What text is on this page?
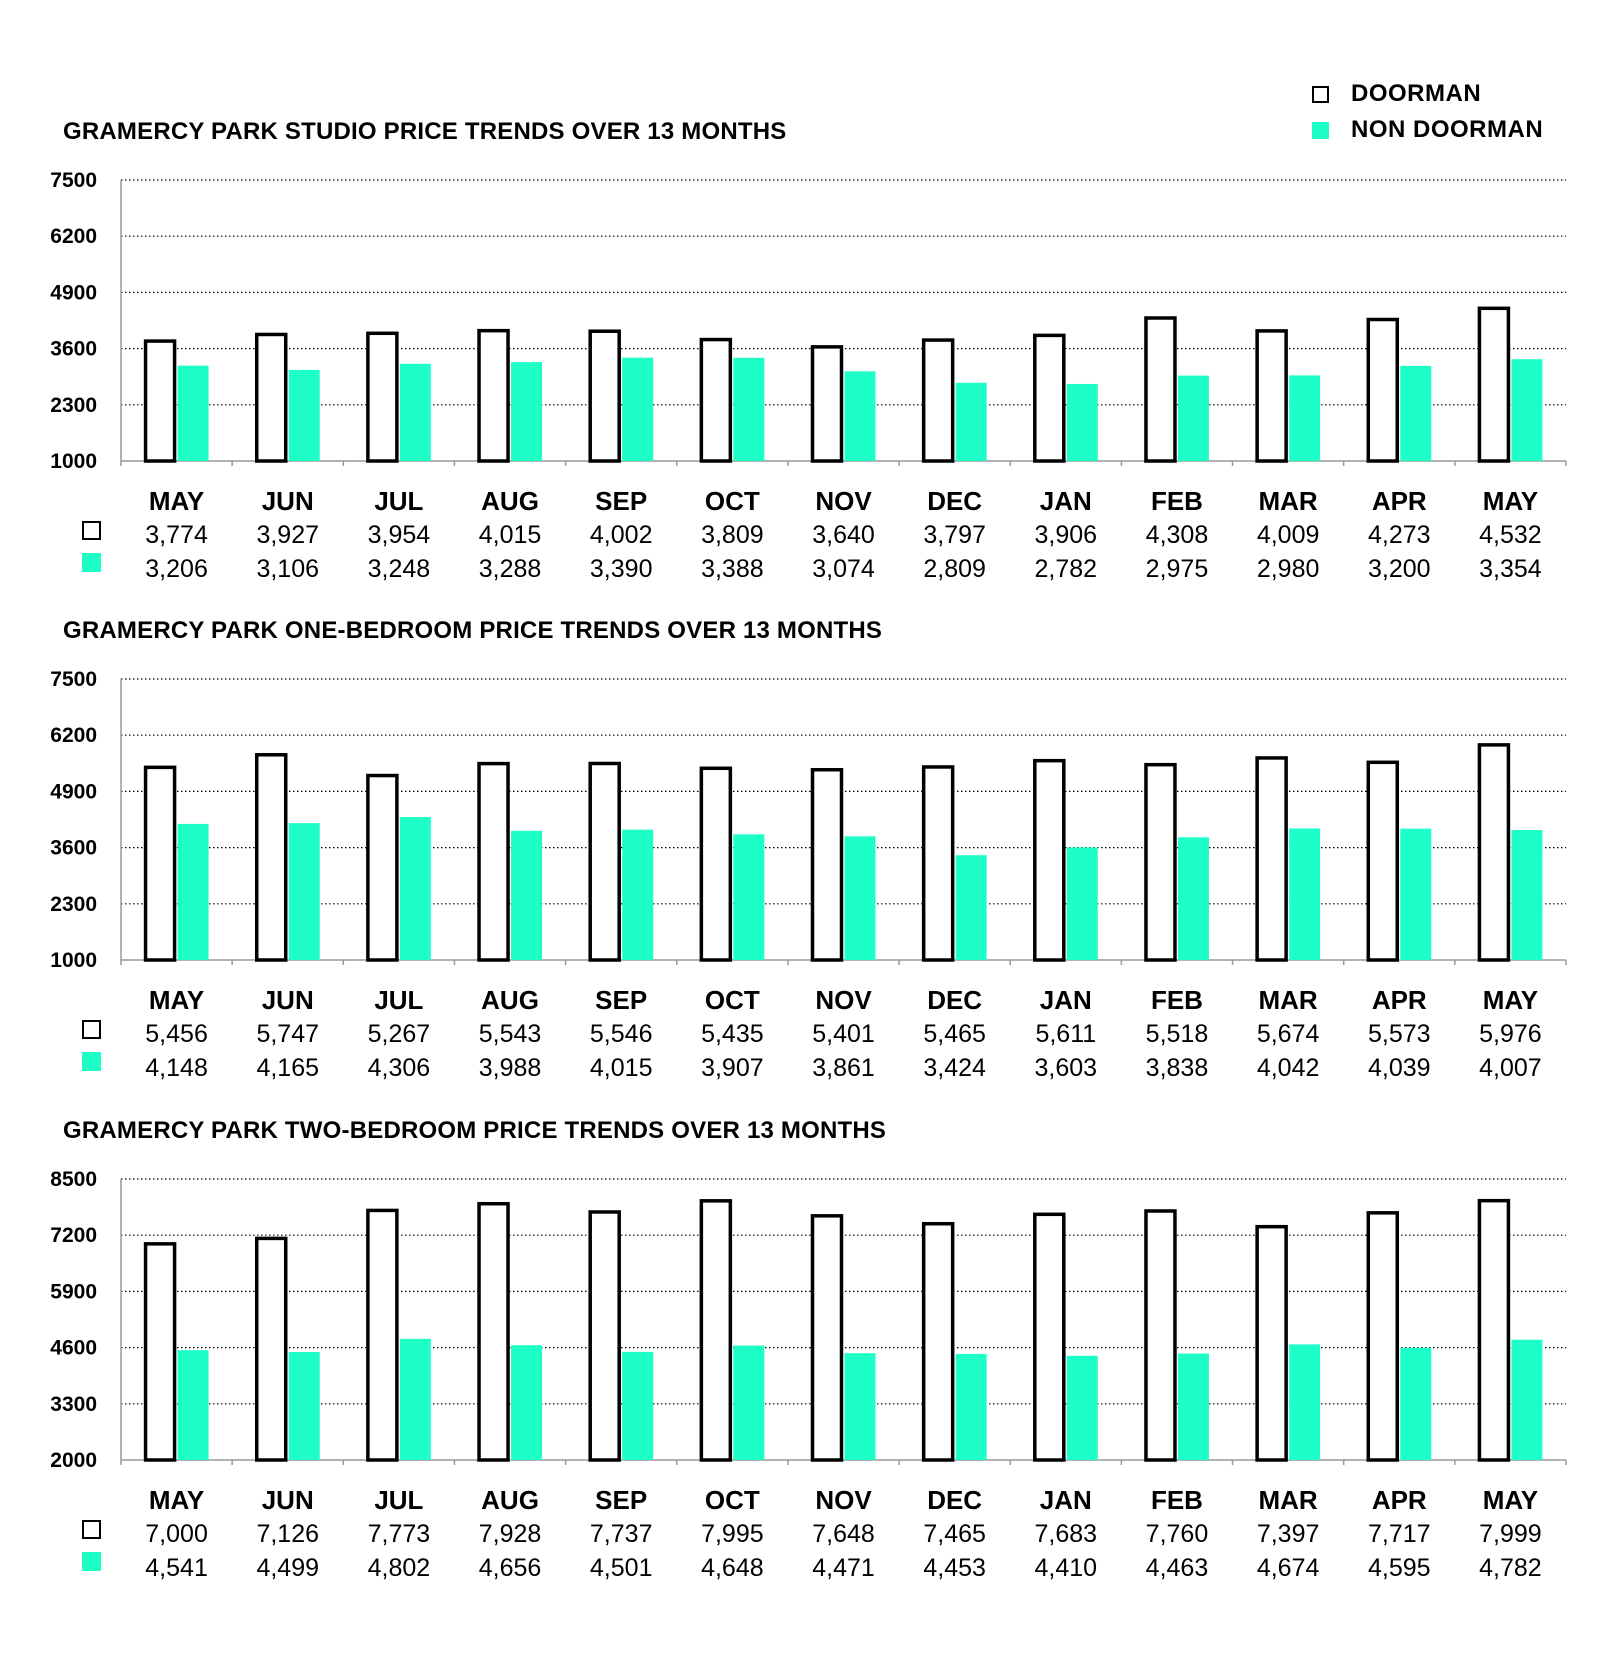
DOORMAN
NON DOORMAN
GRAMERCY PARK STUDIO PRICE TRENDS OVER 13 MONTHS
1000
2300
3600
4900
6200
7500
MAY
3,774
3,206
JUN
3,927
3,106
JUL
3,954
3,248
AUG
4,015
3,288
SEP
4,002
3,390
OCT
3,809
3,388
NOV
3,640
3,074
DEC
3,797
2,809
JAN
3,906
2,782
FEB
4,308
2,975
MAR
4,009
2,980
APR
4,273
3,200
MAY
4,532
3,354
GRAMERCY PARK ONE-BEDROOM PRICE TRENDS OVER 13 MONTHS
1000
2300
3600
4900
6200
7500
MAY
5,456
4,148
JUN
5,747
4,165
JUL
5,267
4,306
AUG
5,543
3,988
SEP
5,546
4,015
OCT
5,435
3,907
NOV
5,401
3,861
DEC
5,465
3,424
JAN
5,611
3,603
FEB
5,518
3,838
MAR
5,674
4,042
APR
5,573
4,039
MAY
5,976
4,007
GRAMERCY PARK TWO-BEDROOM PRICE TRENDS OVER 13 MONTHS
2000
3300
4600
5900
7200
8500
MAY
7,000
4,541
JUN
7,126
4,499
JUL
7,773
4,802
AUG
7,928
4,656
SEP
7,737
4,501
OCT
7,995
4,648
NOV
7,648
4,471
DEC
7,465
4,453
JAN
7,683
4,410
FEB
7,760
4,463
MAR
7,397
4,674
APR
7,717
4,595
MAY
7,999
4,782
